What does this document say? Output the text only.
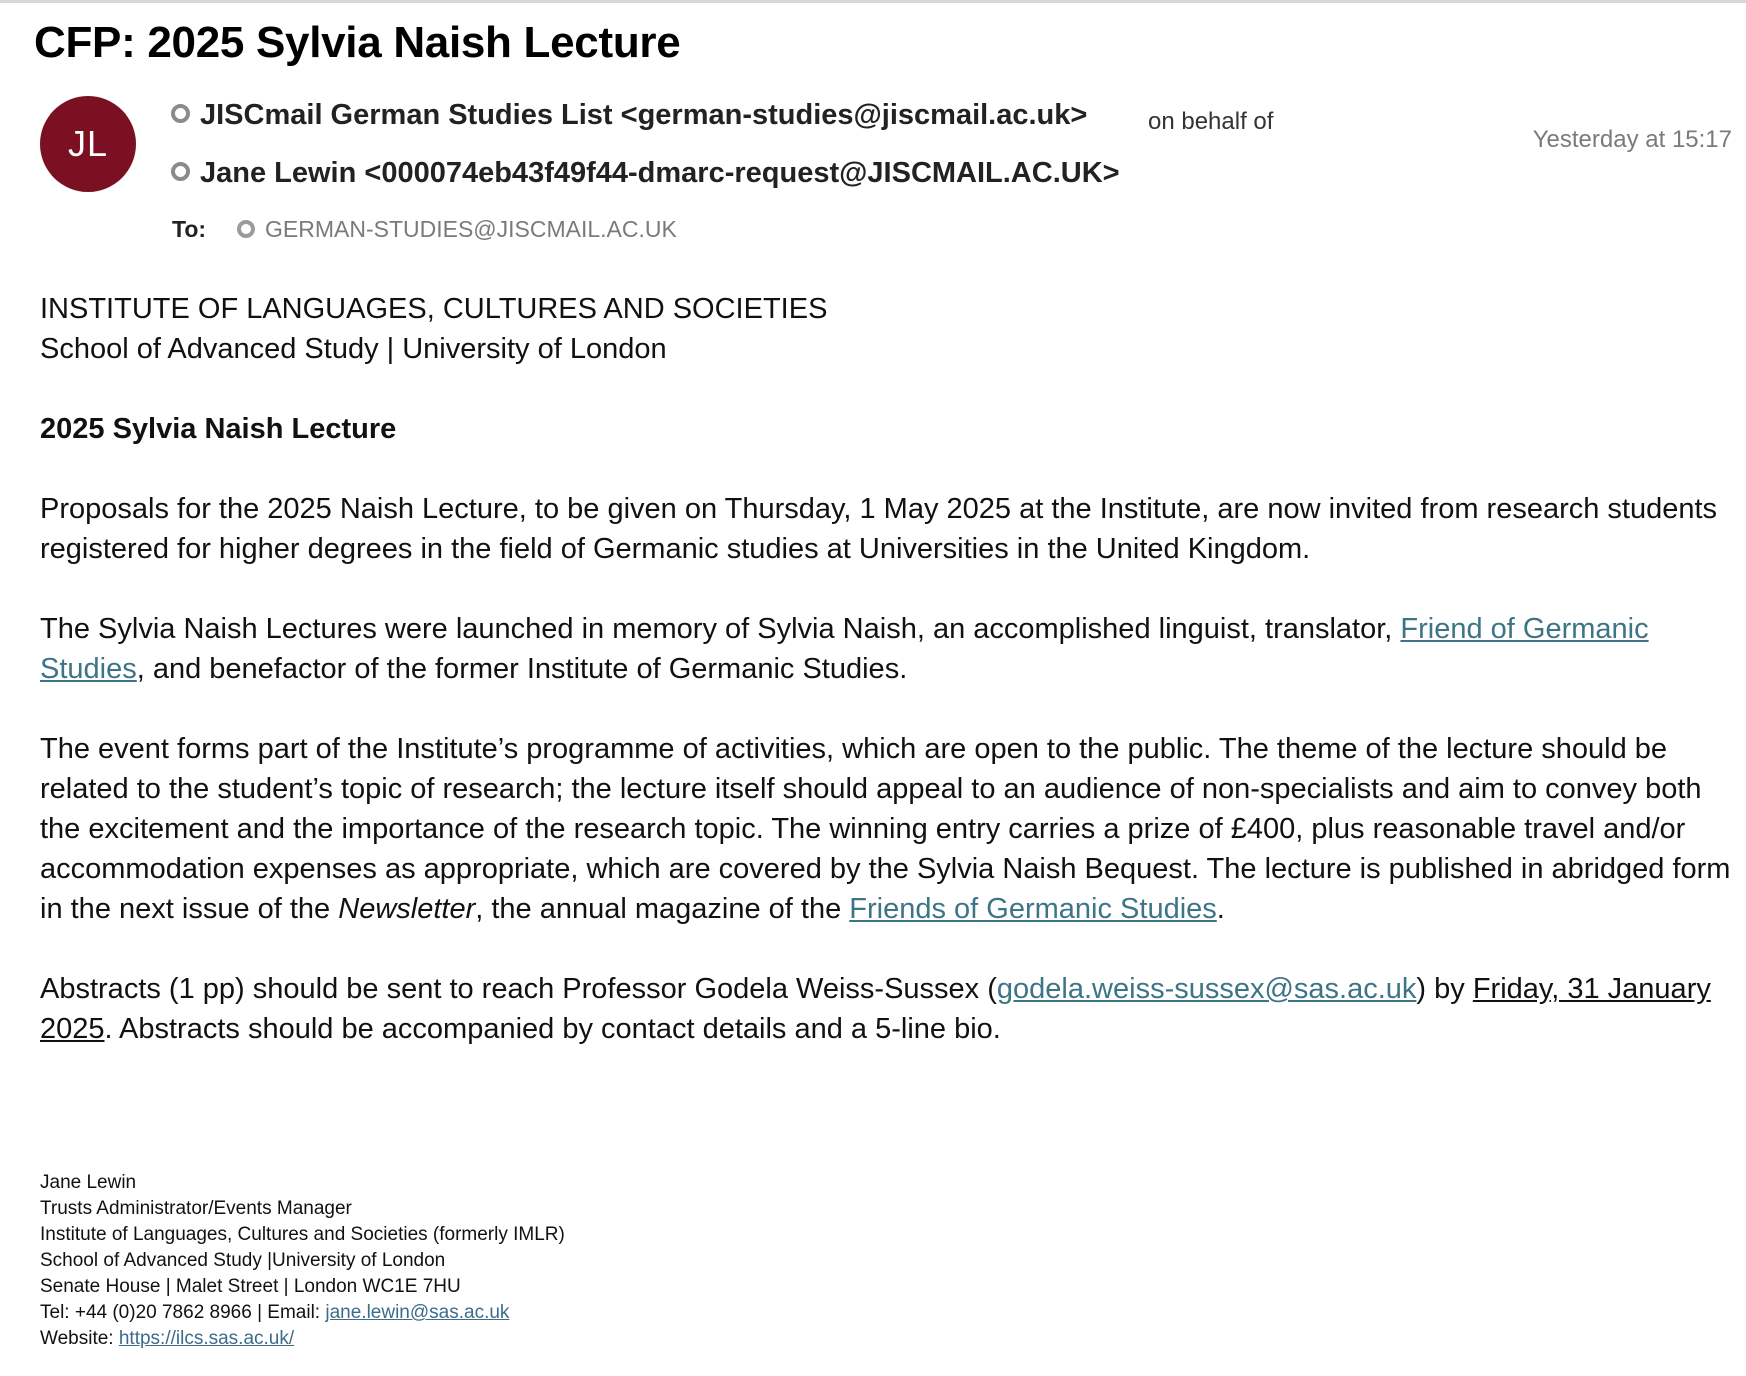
CFP: 2025 Sylvia Naish Lecture
JL
JISCmail German Studies List <german-studies@jiscmail.ac.uk>	on behalf of
Yesterday at 15:17
Jane Lewin <000074eb43f49f44-dmarc-request@JISCMAIL.AC.UK>
To:	GERMAN-STUDIES@JISCMAIL.AC.UK

INSTITUTE OF LANGUAGES, CULTURES AND SOCIETIES

School of Advanced Study | University of London

2025 Sylvia Naish Lecture

Proposals for the 2025 Naish Lecture, to be given on Thursday, 1 May 2025 at the Institute, are now invited from research students registered for higher degrees in the field of Germanic studies at Universities in the United Kingdom.

The Sylvia Naish Lectures were launched in memory of Sylvia Naish, an accomplished linguist, translator, Friend of Germanic Studies, and benefactor of the former Institute of Germanic Studies.

The event forms part of the Institute’s programme of activities, which are open to the public. The theme of the lecture should be related to the student’s topic of research; the lecture itself should appeal to an audience of non-specialists and aim to convey both the excitement and the importance of the research topic. The winning entry carries a prize of £400, plus reasonable travel and/or accommodation expenses as appropriate, which are covered by the Sylvia Naish Bequest. The lecture is published in abridged form in the next issue of the Newsletter, the annual magazine of the Friends of Germanic Studies.

Abstracts (1 pp) should be sent to reach Professor Godela Weiss-Sussex (godela.weiss-sussex@sas.ac.uk) by Friday, 31 January 2025. Abstracts should be accompanied by contact details and a 5-line bio.

Jane Lewin
Trusts Administrator/Events Manager
Institute of Languages, Cultures and Societies (formerly IMLR)
School of Advanced Study |University of London
Senate House | Malet Street | London WC1E 7HU
Tel: +44 (0)20 7862 8966 | Email: jane.lewin@sas.ac.uk
Website: https://ilcs.sas.ac.uk/
